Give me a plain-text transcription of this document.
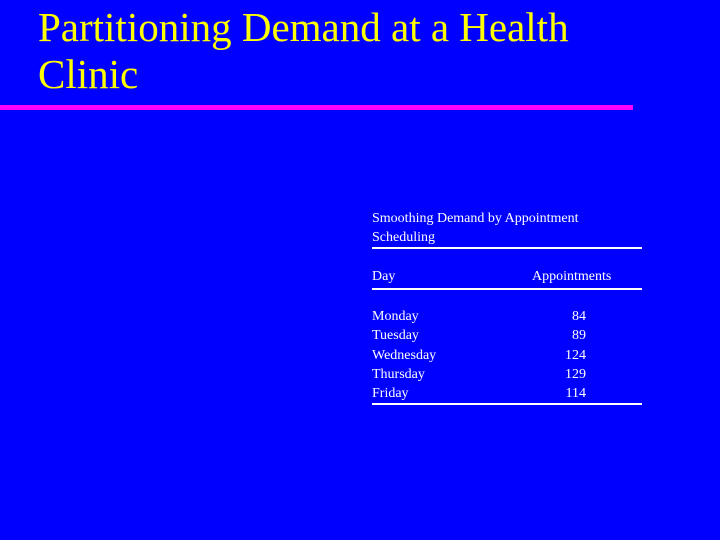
Partitioning Demand at a Health Clinic
Smoothing Demand by Appointment Scheduling
Day	Appointments
Monday	84
Tuesday	89
Wednesday	124
Thursday	129
Friday	114
